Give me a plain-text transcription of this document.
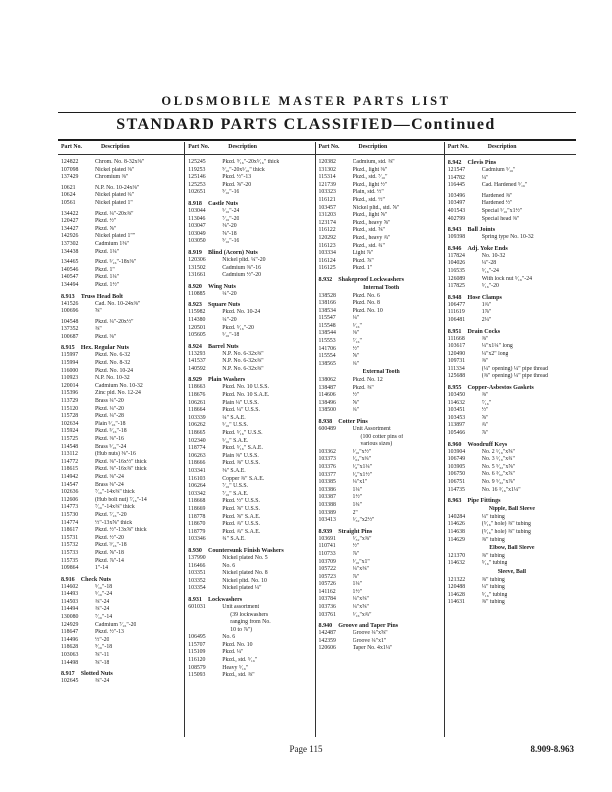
OLDSMOBILE MASTER PARTS LIST
STANDARD PARTS CLASSIFIED—Continued
Part No.	Description
124822	Chrom. No. 8-32x⅜"
107098	Nickel plated ⅜"
137429	Chromium ⅜"
10621	N.P. No. 10-24x⅜"
10624	Nickel plated ¾"
10561	Nickel plated 1"
134422	Pkzd. ¼"-20x⅜"
120427	Pkzd. ½"
134427	Pkzd. ⅝"
142926	Nickel plated 1""
137302	Cadmium 1⅜"
134438	Pkzd. 1¼"
134465	Pkzd. ⁵⁄₁₆"-18x⅜"
140546	Pkzd. 1"
140547	Pkzd. 1¼"
134494	Pkzd. 1½"
8.913 Truss Head Bolt
141526	Cad. No. 10-24x⅜"
100696	⅝"
104548	Pkzd. ¼"-20x½"
137352	⅜"
100687	Pkzd. ⅜"
8.915 Hex. Regular Nuts
115997	Pkzd. No. 6-32
115994	Pkzd. No. 8-32
116000	Pkzd. No. 10-24
110923	N.P. No. 10-32
120014	Cadmium No. 10-32
115396	Zinc pld. No. 12-24
113729	Brass ¼"-20
115120	Pkzd. ¼"-20
115728	Pkzd. ¼"-28
102634	Plain ⁵⁄₁₆"-18
115924	Pkzd. ⁵⁄₁₆"-18
115725	Pkzd. ⅜"-16
114548	Brass ⁵⁄₁₆"-24
113112	(Hub nuts) ⅜"-16
114772	Pkzd. ⅜"-16x½" thick
118615	Pkzd. ⅜"-16x⅜" thick
114942	Pkzd. ⅜"-24
114547	Brass ⅜"-24
102636	⁷⁄₁₆"-14x⅜" thick
112606	(Hub bolt nut) ⁷⁄₁₆"-14
114773	⁷⁄₁₆"-14x⅜" thick
115730	Pkzd. ⁷⁄₁₆"-20
114774	½"-13x⅝" thick
118617	Pkzd. ½"-13x⅝" thick
115731	Pkzd. ½"-20
115732	Pkzd. ⁹⁄₁₆"-18
115733	Pkzd. ⅝"-18
115735	Pkzd. ⅞"-14
109864	1"-14
8.916 Check Nuts
114602	⁵⁄₁₆"-18
114493	⁵⁄₁₆"-24
114503	⅜"-24
114494	⅜"-24
130080	⁷⁄₁₆"-14
124929	Cadmium ⁷⁄₁₆"-20
118647	Pkzd. ½"-13
114496	½"-20
118628	⁹⁄₁₆"-18
103063	⅝"-11
114498	⅝"-18
8.917 Slotted Nuts
102645	⅜"-24
Part No.	Description
125245	Pkzd. ⁹⁄₁₆"-20x⁵⁄₁₆" thick
119253	⁹⁄₁₆"-20x⁵⁄₁₆" thick
125146	Pkzd. ½"-13
125253	Pkzd. ⅝"-20
102651	⁹⁄₁₆"-16
8.918 Castle Nuts
103044	⁵⁄₁₆"-24
113046	⁷⁄₁₆"-20
103047	⅜"-20
103049	⅝"-18
103050	⁹⁄₁₆"-16
8.919 Blind (Acorn) Nuts
120306	Nickel pltd. ¼"-20
131502	Cadmium ⅜"-16
131661	Cadmium ½"-20
8.920 Wing Nuts
110885	¼"-20
8.923 Square Nuts
115982	Pkzd. No. 10-24
114380	¼"-20
120501	Pkzd. ⁵⁄₁₆"-20
105605	⁵⁄₁₆"-18
8.924 Barrel Nuts
113293	N.P. No. 6-32x⅜"
141537	N.P. No. 6-32x⅜"
140592	N.P. No. 6-32x⅜"
8.929 Plain Washers
118663	Pkzd. No. 10 U.S.S.
118676	Pkzd. No. 10 S.A.E.
106261	Plain ¼" U.S.S.
118664	Pkzd. ¼" U.S.S.
103339	¼" S.A.E.
106262	⁵⁄₁₆" U.S.S.
118665	Pkzd. ⁵⁄₁₆" U.S.S.
102340	⁵⁄₁₆" S.A.E.
118774	Pkzd. ⁵⁄₁₆" S.A.E.
106263	Plain ⅜" U.S.S.
118666	Pkzd. ⅜" U.S.S.
103341	⅜" S.A.E.
116103	Copper ⅜" S.A.E.
106264	⁷⁄₁₆" U.S.S.
103342	⁷⁄₁₆" S.A.E.
118668	Pkzd. ½" U.S.S.
118669	Pkzd. ⅝" U.S.S.
118778	Pkzd. ⅝" S.A.E.
118670	Pkzd. ¾" U.S.S.
118779	Pkzd. ¾" S.A.E.
103346	¾" S.A.E.
8.930 Countersunk Finish Washers
137990	Nickel plated No. 5
116466	No. 6
103351	Nickel plated No. 8
103352	Nickel pltd. No. 10
103354	Nickel plated ¼"
8.931 Lockwashers
601031	Unit assortment
(39 lockwashers
ranging from No.
10 to ⅞")
106495	No. 6
115707	Pkzd. No. 10
115109	Pkzd. ¼"
116120	Pkzd., std. ⁵⁄₁₆"
108579	Heavy ⁵⁄₁₆"
115093	Pkzd., std. ⅜"
Part No.	Description
120382	Cadmium, std. ⅜"
131302	Pkzd., light ⅜"
115314	Pkzd., std. ⁷⁄₁₆"
121739	Pkzd., light ½"
103323	Plain, std. ½"
116121	Pkzd., std. ½"
103457	Nickel pltd., std. ⅝"
131203	Pkzd., light ⅝"
123174	Pkzd., heavy ⅝"
116122	Pkzd., std. ⅝"
120292	Pkzd., heavy ¾"
116123	Pkzd., std. ¾"
103334	Light ⅞"
116124	Pkzd. ⅞"
116125	Pkzd. 1"
8.932 Shakeproof Lockwashers
Internal Tooth
138528	Pkzd. No. 6
138166	Pkzd. No. 8
138534	Pkzd. No. 10
115547	¼"
115548	⁵⁄₁₆"
138544	⅜"
115553	⁷⁄₁₆"
141706	½"
115554	⅝"
138565	¾"
External Tooth
138062	Pkzd. No. 12
138487	Pkzd. ⅜"
114606	½"
138496	⅝"
138500	¾"
8.938 Cotter Pins
600489	Unit Assortment
(100 cotter pins of
various sizes)
103362	¹⁄₁₆"x½"
103373	¹⁄₆₄"x¾"
103376	¹⁄₈"x1¼"
103377	¹⁄₈"x1½"
103385	¼"x1"
103386	1¼"
103387	1½"
103388	1¾"
103389	2"
103413	⁵⁄₃₂"x2½"
8.939 Straight Pins
103691	⁵⁄₃₂"x⅜"
110741	½"
110733	⅞"
103709	³⁄₁₆"x1"
105722	¼"x⅜"
105723	⅞"
105726	1¼"
141162	1½"
103784	¼"x⅜"
103736	¼"x⅝"
103761	⁵⁄₁₆"x¾"
8.940 Groove and Taper Pins
142487	Groove ¼"x⅝"
142359	Groove ¼"x1"
120606	Taper No. 4x1¼"
Part No.	Description
8.942 Clevis Pins
121547	Cadmium ⁵⁄₁₆"
114782	¼"
116445	Cad. Hardened ⁵⁄₁₆"
103496	Hardened ⅜"
103497	Hardened ½"
401543	Special ⁵⁄₁₆"x1½"
402799	Special head ⅜"
8.943 Ball Joints
109398	Spring type No. 10-32
8.946 Adj. Yoke Ends
117824	No. 10-32
104026	¼"-28
116535	⁵⁄₁₆"-24
126089	With lock nut ⁵⁄₁₆"-24
117825	⁵⁄₁₆"-20
8.948 Hose Clamps
106477	1¾"
111619	1⅞"
106481	2¼"
8.951 Drain Cocks
111668	⅜"
103617	¼"x1¼" long
120490	¼"x2" long
109731	⅜"
111334	(¼" opening) ¼" pipe thread
125688	(⅜" opening) ¼" pipe thread
8.955 Copper-Asbestos Gaskets
103450	⅜"
114632	⁷⁄₁₆"
103451	½"
103453	⅝"
113897	¾"
105466	⅞"
8.960 Woodruff Keys
103904	No. 2 ¹⁄₁₆"x⅝"
106749	No. 3 ¹⁄₁₆"x¾"
103905	No. 5 ⁵⁄₃₂"x⅝"
106750	No. 6 ³⁄₃₂"x⅞"
106751	No. 9 ⁵⁄₃₂"x⅞"
114735	No. 16 ³⁄₁₆"x1¼"
8.963 Pipe Fittings
Nipple, Ball Sleeve
140284	¼" tubing
114626	(⁵⁄₁₆" hole) ⅜" tubing
114638	(⁵⁄₁₆" hole) ⅜" tubing
114629	⅜" tubing
Elbow, Ball Sleeve
121370	⅜" tubing
114632	⁵⁄₁₆" tubing
Sleeve, Ball
121322	⅜" tubing
120488	¼" tubing
114628	⁵⁄₁₆" tubing
114631	⅜" tubing
Page 115	8.909-8.963
